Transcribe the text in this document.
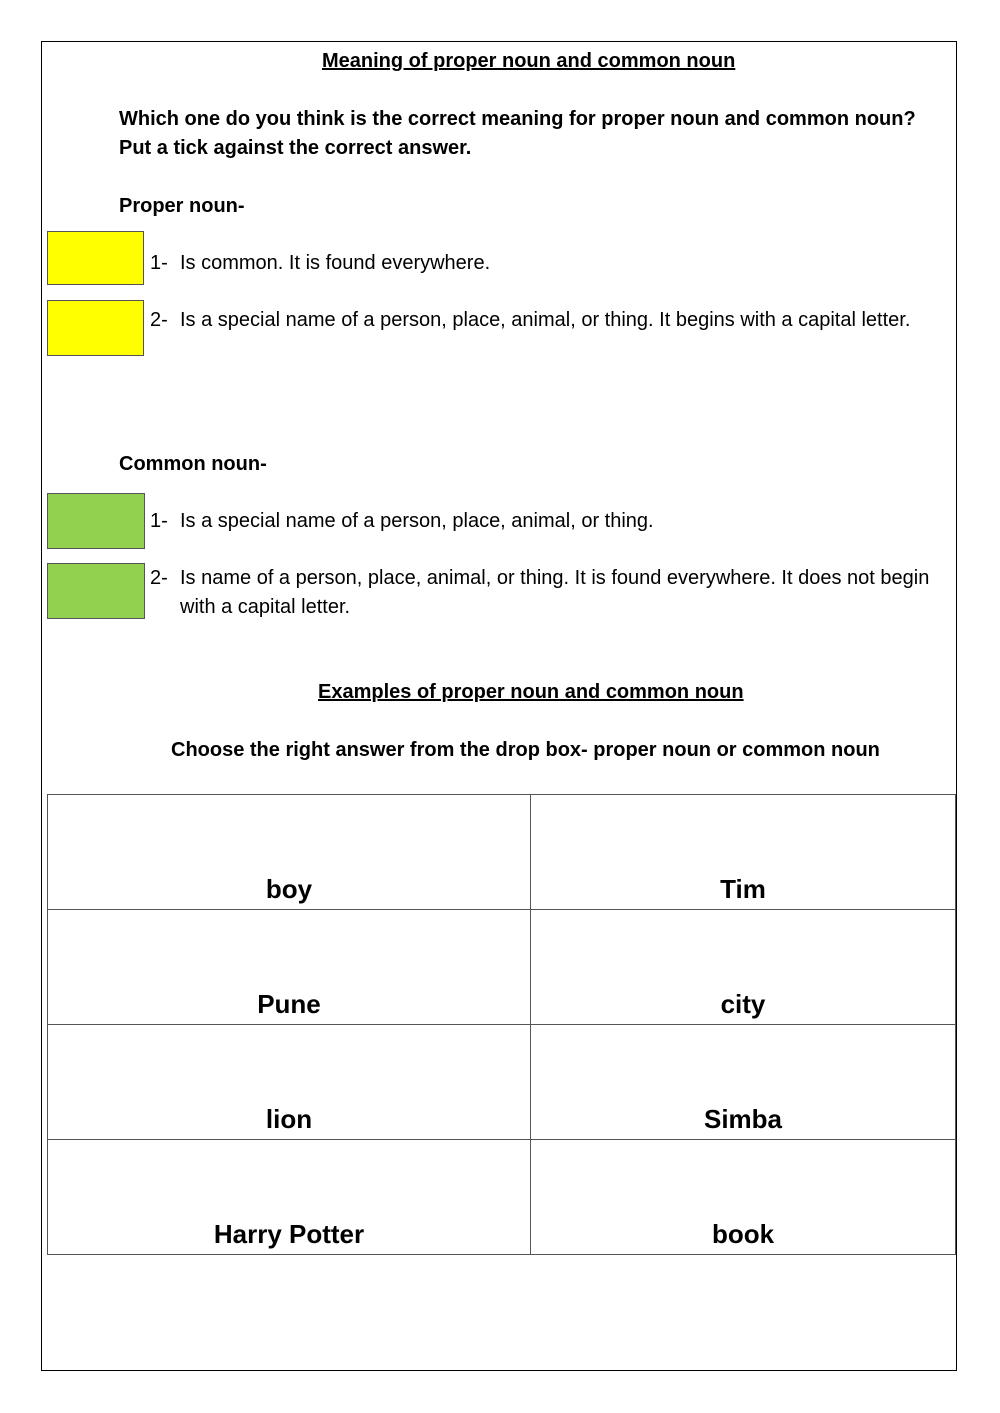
Meaning of proper noun and common noun
Which one do you think is the correct meaning for proper noun and common noun?
Put a tick against the correct answer.
Proper noun-
1- Is common. It is found everywhere.
2- Is a special name of a person, place, animal, or thing. It begins with a capital letter.
Common noun-
1- Is a special name of a person, place, animal, or thing.
2- Is name of a person, place, animal, or thing. It is found everywhere. It does not begin with a capital letter.
Examples of proper noun and common noun
Choose the right answer from the drop box- proper noun or common noun
boy	Tim
Pune	city
lion	Simba
Harry Potter	book
